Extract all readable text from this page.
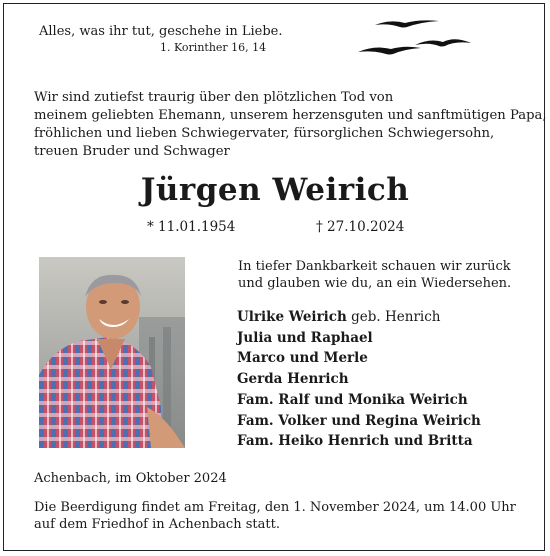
Alles, was ihr tut, geschehe in Liebe.
1. Korinther 16, 14
Wir sind zutiefst traurig über den plötzlichen Tod von
meinem geliebten Ehemann, unserem herzensguten und sanftmütigen Papa,
fröhlichen und lieben Schwiegervater, fürsorglichen Schwiegersohn,
treuen Bruder und Schwager
Jürgen Weirich
* 11.01.1954	† 27.10.2024
In tiefer Dankbarkeit schauen wir zurück
und glauben wie du, an ein Wiedersehen.
Ulrike Weirich geb. Henrich
Julia und Raphael
Marco und Merle
Gerda Henrich
Fam. Ralf und Monika Weirich
Fam. Volker und Regina Weirich
Fam. Heiko Henrich und Britta
Achenbach, im Oktober 2024
Die Beerdigung findet am Freitag, den 1. November 2024, um 14.00 Uhr
auf dem Friedhof in Achenbach statt.
